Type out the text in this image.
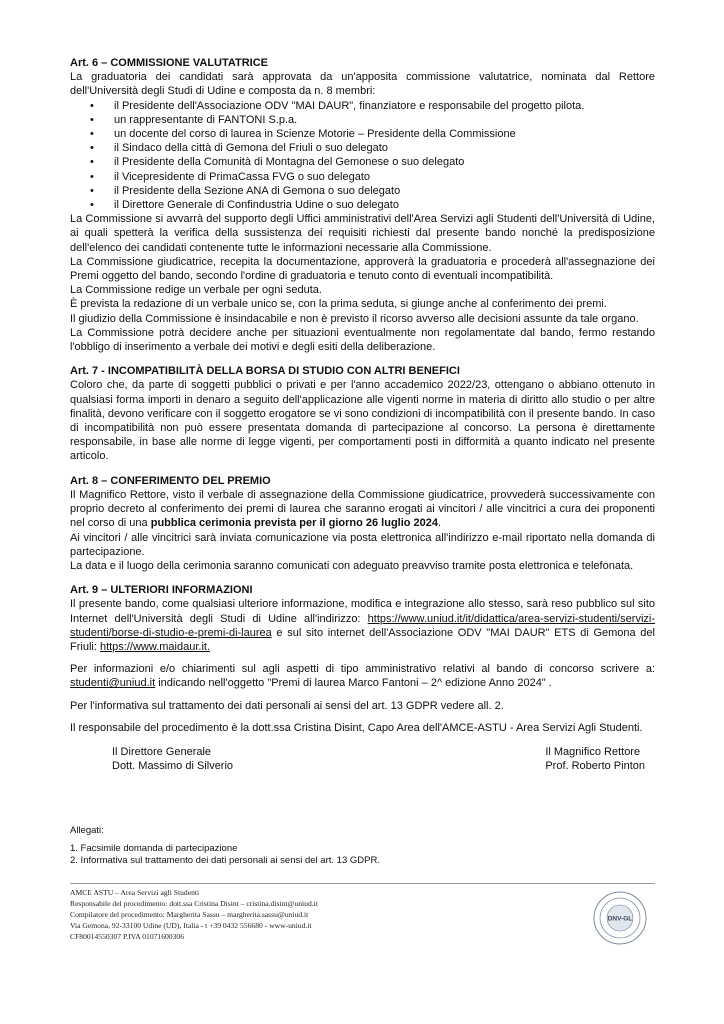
Art. 6 – COMMISSIONE VALUTATRICE

La graduatoria dei candidati sarà approvata da un'apposita commissione valutatrice, nominata dal Rettore dell'Università degli Studi di Udine e composta da n. 8 membri:

• il Presidente dell'Associazione ODV "MAI DAUR", finanziatore e responsabile del progetto pilota.
• un rappresentante di FANTONI S.p.a.
• un docente del corso di laurea in Scienze Motorie – Presidente della Commissione
• il Sindaco della città di Gemona del Friuli o suo delegato
• il Presidente della Comunità di Montagna del Gemonese o suo delegato
• il Vicepresidente di PrimaCassa FVG o suo delegato
• il Presidente della Sezione ANA di Gemona o suo delegato
• il Direttore Generale di Confindustria Udine o suo delegato

La Commissione si avvarrà del supporto degli Uffici amministrativi dell'Area Servizi agli Studenti dell'Università di Udine, ai quali spetterà la verifica della sussistenza dei requisiti richiesti dal presente bando nonché la predisposizione dell'elenco dei candidati contenente tutte le informazioni necessarie alla Commissione.

La Commissione giudicatrice, recepita la documentazione, approverà la graduatoria e procederà all'assegnazione dei Premi oggetto del bando, secondo l'ordine di graduatoria e tenuto conto di eventuali incompatibilità.

La Commissione redige un verbale per ogni seduta.

È prevista la redazione di un verbale unico se, con la prima seduta, si giunge anche al conferimento dei premi.

Il giudizio della Commissione è insindacabile e non è previsto il ricorso avverso alle decisioni assunte da tale organo.

La Commissione potrà decidere anche per situazioni eventualmente non regolamentate dal bando, fermo restando l'obbligo di inserimento a verbale dei motivi e degli esiti della deliberazione.

Art. 7 - INCOMPATIBILITÀ DELLA BORSA DI STUDIO CON ALTRI BENEFICI

Coloro che, da parte di soggetti pubblici o privati e per l'anno accademico 2022/23, ottengano o abbiano ottenuto in qualsiasi forma importi in denaro a seguito dell'applicazione alle vigenti norme in materia di diritto allo studio o per altre finalità, devono verificare con il soggetto erogatore se vi sono condizioni di incompatibilità con il presente bando. In caso di incompatibilità non può essere presentata domanda di partecipazione al concorso. La persona è direttamente responsabile, in base alle norme di legge vigenti, per comportamenti posti in difformità a quanto indicato nel presente articolo.

Art. 8 – CONFERIMENTO DEL PREMIO

Il Magnifico Rettore, visto il verbale di assegnazione della Commissione giudicatrice, provvederà successivamente con proprio decreto al conferimento dei premi di laurea che saranno erogati ai vincitori / alle vincitrici a cura dei proponenti nel corso di una pubblica cerimonia prevista per il giorno 26 luglio 2024.

Ai vincitori / alle vincitrici sarà inviata comunicazione via posta elettronica all'indirizzo e-mail riportato nella domanda di partecipazione.

La data e il luogo della cerimonia saranno comunicati con adeguato preavviso tramite posta elettronica e telefonata.

Art. 9 – ULTERIORI INFORMAZIONI

Il presente bando, come qualsiasi ulteriore informazione, modifica e integrazione allo stesso, sarà reso pubblico sul sito Internet dell'Università degli Studi di Udine all'indirizzo: https://www.uniud.it/it/didattica/area-servizi-studenti/servizi-studenti/borse-di-studio-e-premi-di-laurea e sul sito internet dell'Associazione ODV "MAI DAUR" ETS di Gemona del Friuli: https://www.maidaur.it.

Per informazioni e/o chiarimenti sul agli aspetti di tipo amministrativo relativi al bando di concorso scrivere a: studenti@uniud.it indicando nell'oggetto "Premi di laurea Marco Fantoni – 2^ edizione Anno 2024" .

Per l'informativa sul trattamento dei dati personali ai sensi del art. 13 GDPR vedere all. 2.

Il responsabile del procedimento è la dott.ssa Cristina Disint, Capo Area dell'AMCE-ASTU - Area Servizi Agli Studenti.

Il Direttore Generale
Dott. Massimo di Silverio
Il Magnifico Rettore
Prof. Roberto Pinton
Allegati:
1. Facsimile domanda di partecipazione
2. Informativa sul trattamento dei dati personali ai sensi del art. 13 GDPR.
AMCE ASTU – Area Servizi agli Studenti
Responsabile del procedimento: dott.ssa Cristina Disint – cristina.disint@uniud.it
Compilatore del procedimento: Margherita Sassu – margherita.sassu@uniud.it
Via Gemona, 92-33100 Udine (UD), Italia - t +39 0432 556680 - www-uniud.it
CF80014550307 P.IVA 01071600306
DNV-GL
